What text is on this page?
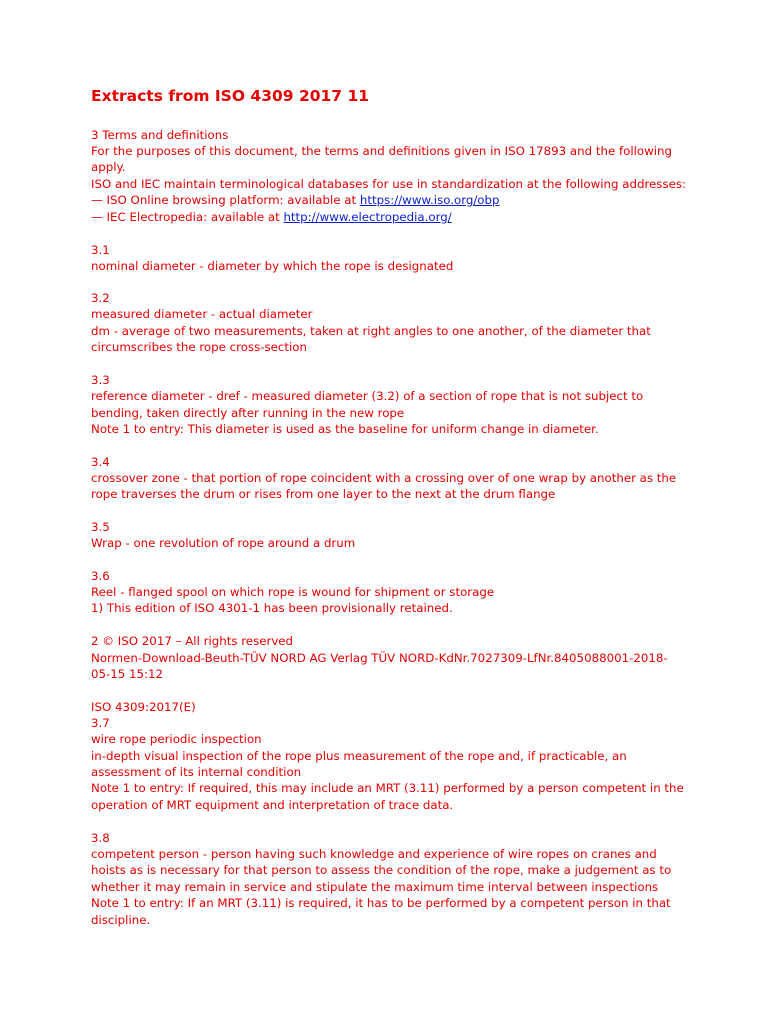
Extracts from ISO 4309 2017 11
3 Terms and definitions
For the purposes of this document, the terms and definitions given in ISO 17893 and the following
apply.
ISO and IEC maintain terminological databases for use in standardization at the following addresses:
— ISO Online browsing platform: available at https://www.iso.org/obp
— IEC Electropedia: available at http://www.electropedia.org/
3.1
nominal diameter - diameter by which the rope is designated
3.2
measured diameter - actual diameter
dm - average of two measurements, taken at right angles to one another, of the diameter that
circumscribes the rope cross-section
3.3
reference diameter - dref - measured diameter (3.2) of a section of rope that is not subject to
bending, taken directly after running in the new rope
Note 1 to entry: This diameter is used as the baseline for uniform change in diameter.
3.4
crossover zone - that portion of rope coincident with a crossing over of one wrap by another as the
rope traverses the drum or rises from one layer to the next at the drum flange
3.5
Wrap - one revolution of rope around a drum
3.6
Reel - flanged spool on which rope is wound for shipment or storage
1) This edition of ISO 4301-1 has been provisionally retained.
2 © ISO 2017 – All rights reserved
Normen-Download-Beuth-TÜV NORD AG Verlag TÜV NORD-KdNr.7027309-LfNr.8405088001-2018-
05-15 15:12
ISO 4309:2017(E)
3.7
wire rope periodic inspection
in-depth visual inspection of the rope plus measurement of the rope and, if practicable, an
assessment of its internal condition
Note 1 to entry: If required, this may include an MRT (3.11) performed by a person competent in the
operation of MRT equipment and interpretation of trace data.
3.8
competent person - person having such knowledge and experience of wire ropes on cranes and
hoists as is necessary for that person to assess the condition of the rope, make a judgement as to
whether it may remain in service and stipulate the maximum time interval between inspections
Note 1 to entry: If an MRT (3.11) is required, it has to be performed by a competent person in that
discipline.
